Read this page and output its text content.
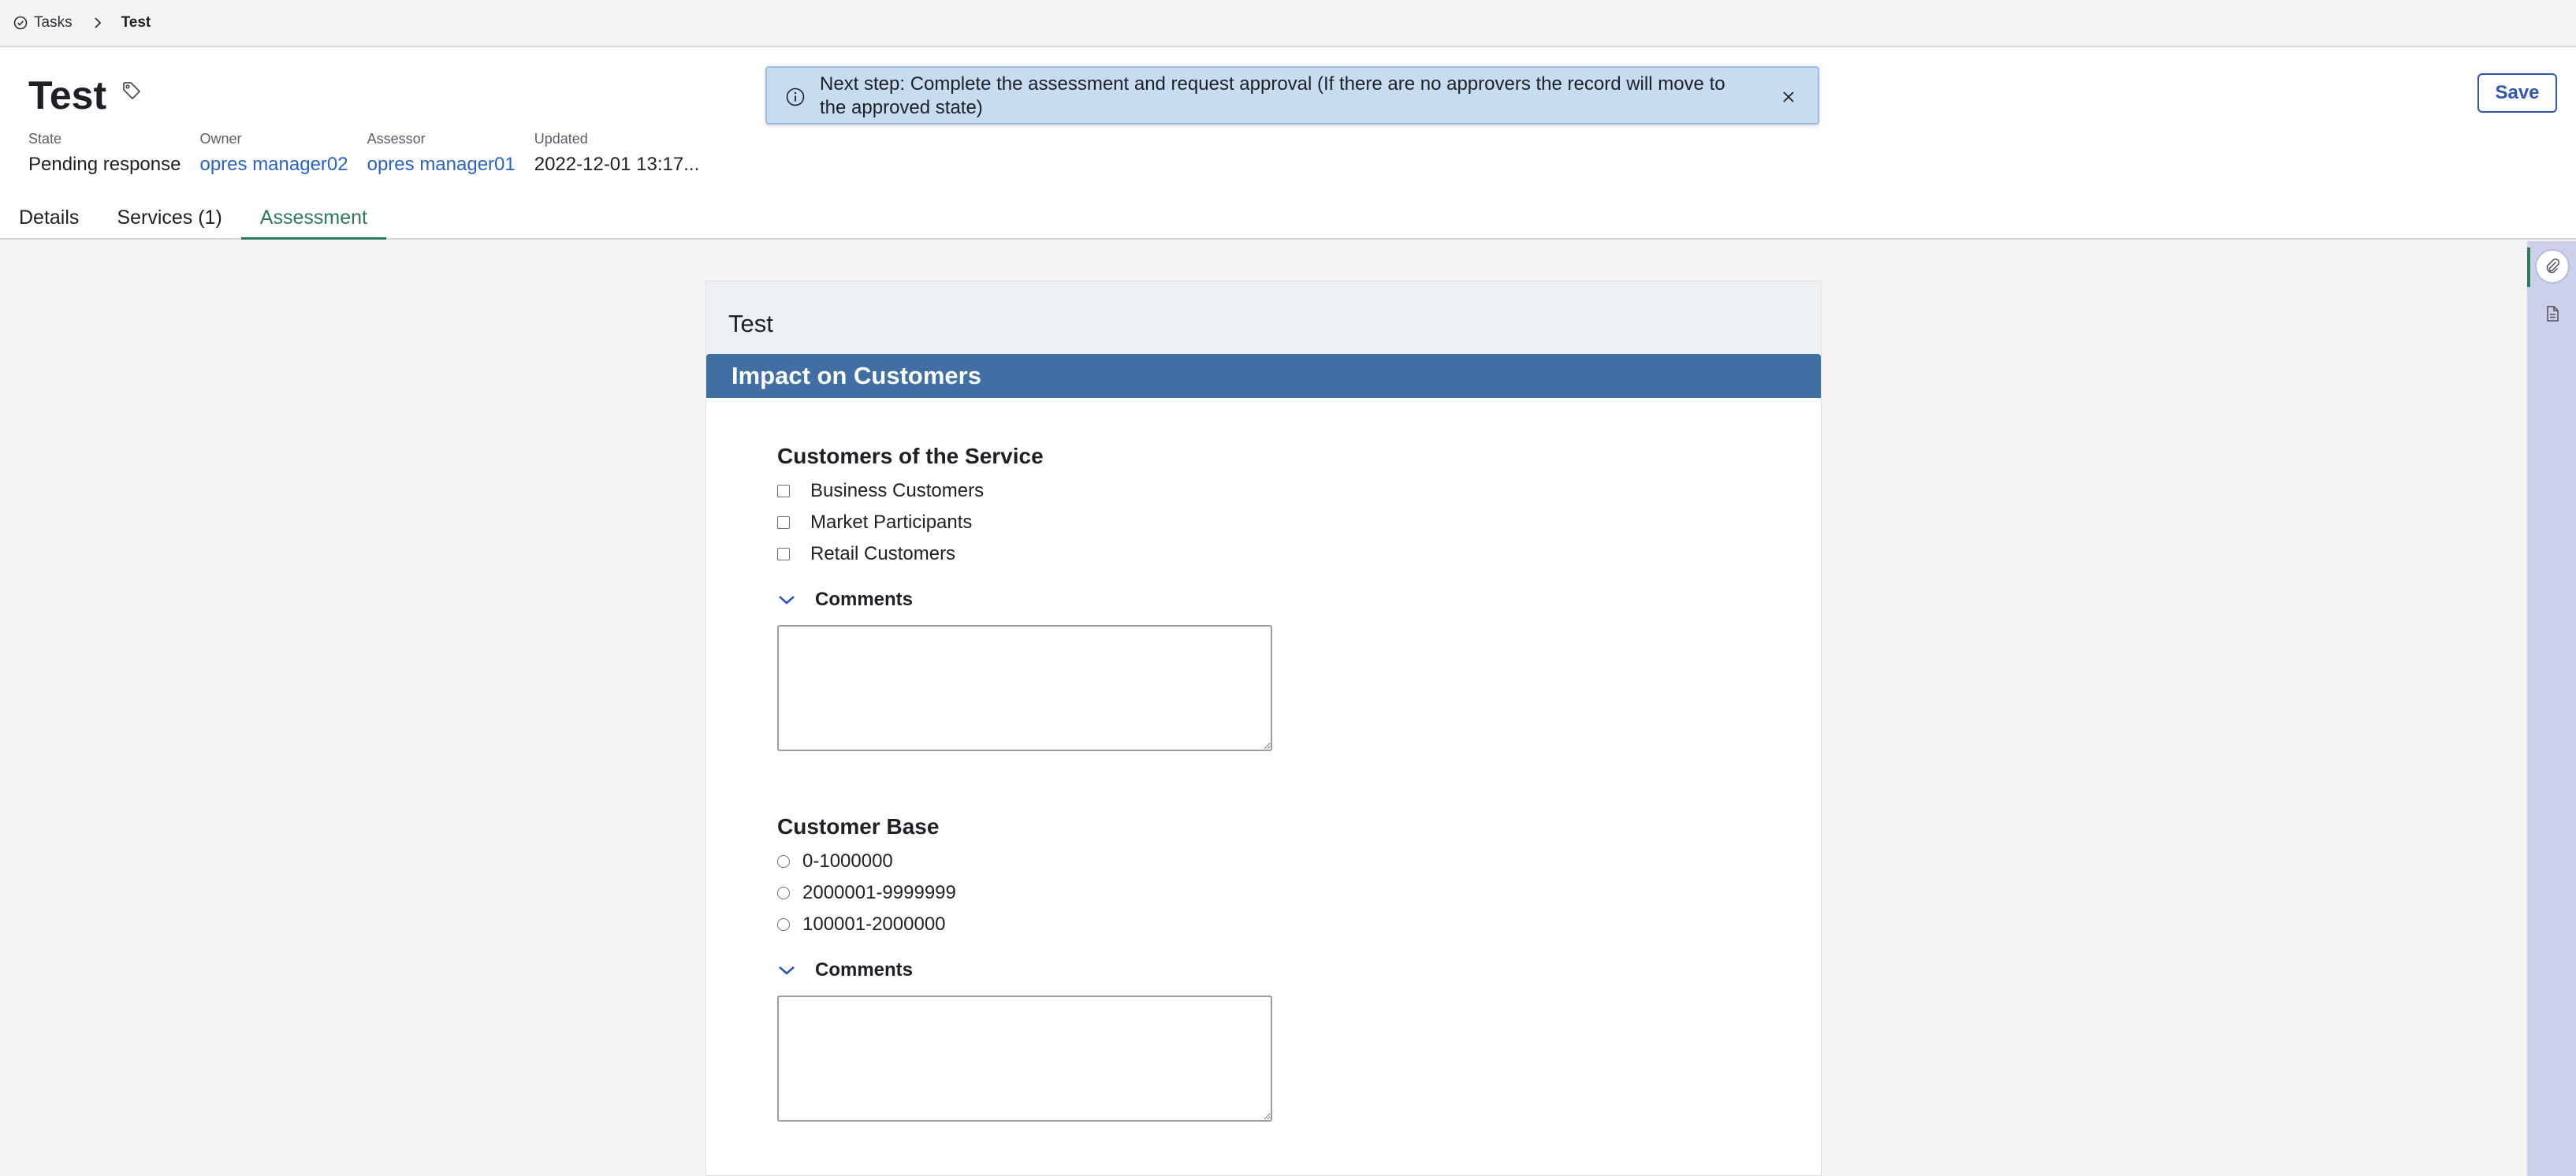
Tasks	Test
Test
State
Pending response
Owner
opres manager02
Assessor
opres manager01
Updated
2022-12-01 13:17...
Next step: Complete the assessment and request approval (If there are no approvers the record will move to the approved state)
Save
Details	Services (1)	Assessment
Test
Impact on Customers
Customers of the Service
Business Customers
Market Participants
Retail Customers
Comments
Customer Base
0-1000000
2000001-9999999
100001-2000000
Comments
